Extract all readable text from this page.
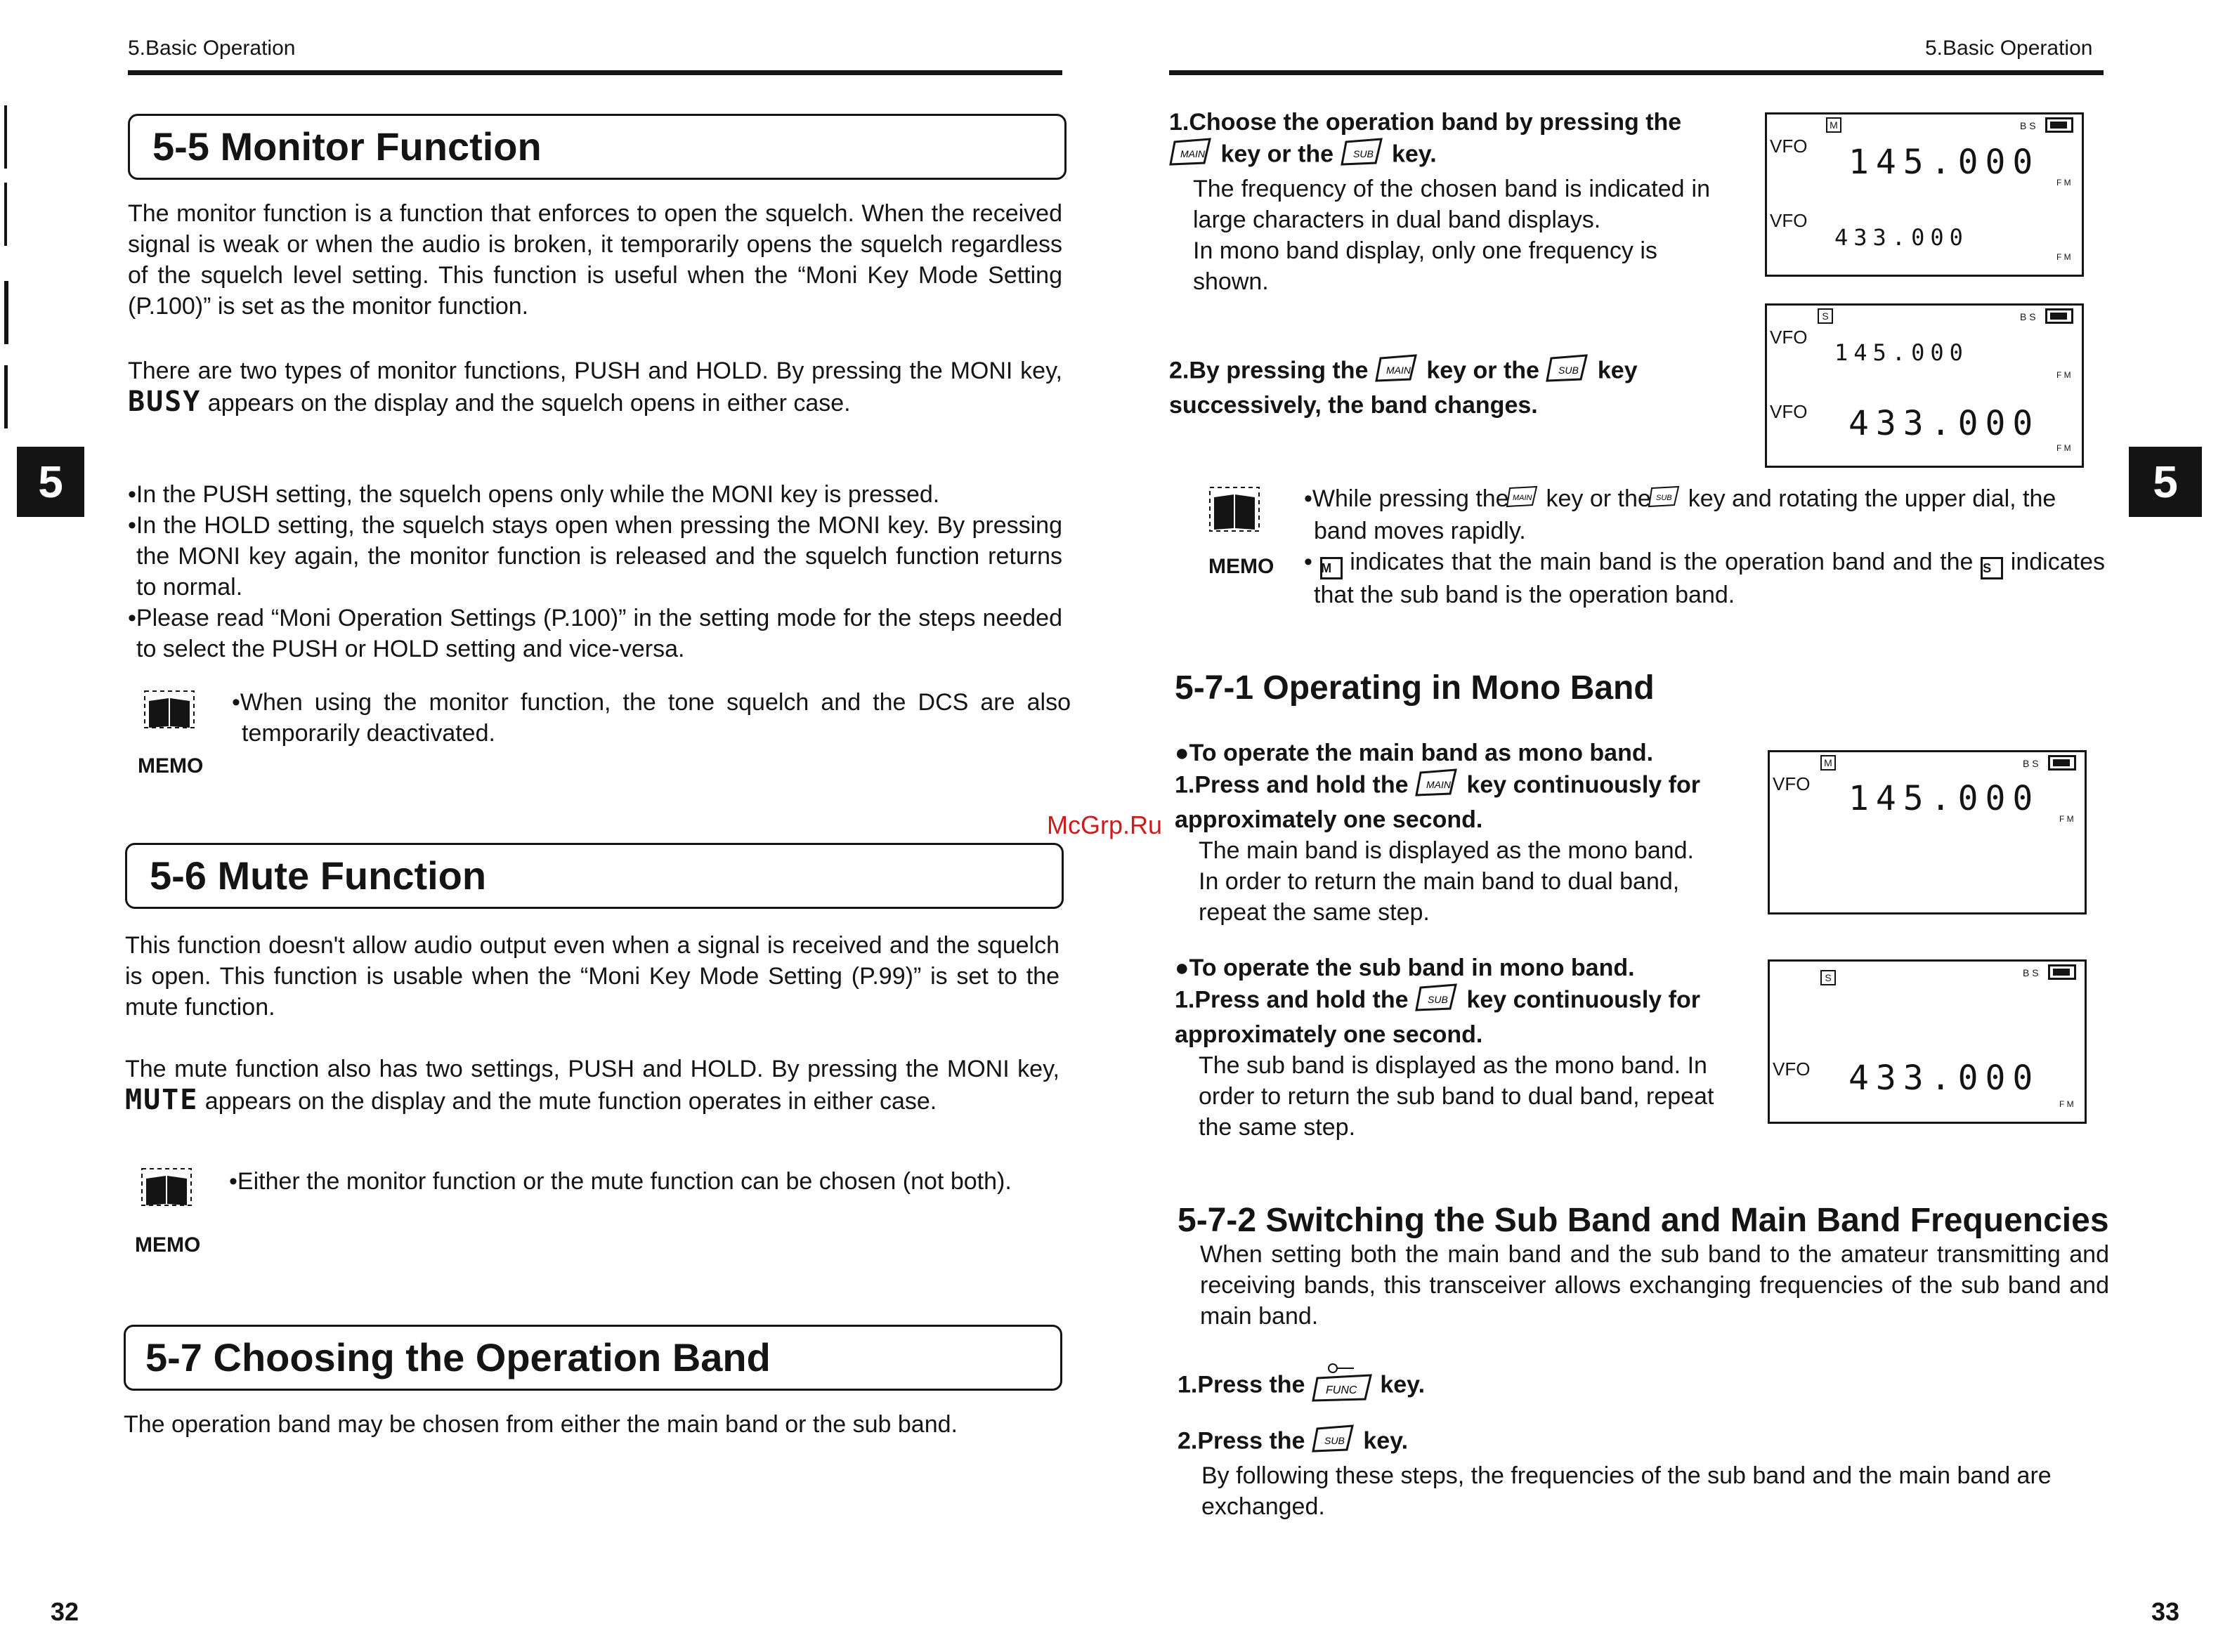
5.Basic Operation
5
5-5 Monitor Function
The monitor function is a function that enforces to open the squelch. When the received signal is weak or when the audio is broken, it temporarily opens the squelch regardless of the squelch level setting. This function is useful when the “Moni Key Mode Setting (P.100)” is set as the monitor function.
There are two types of monitor functions, PUSH and HOLD. By pressing the MONI key, BUSY appears on the display and the squelch opens in either case.

•In the PUSH setting, the squelch opens only while the MONI key is pressed.

•In the HOLD setting, the squelch stays open when pressing the MONI key. By pressing the MONI key again, the monitor function is released and the squelch function returns to normal.

•Please read “Moni Operation Settings (P.100)” in the setting mode for the steps needed to select the PUSH or HOLD setting and vice-versa.

MEMO
•When using the monitor function, the tone squelch and the DCS are also temporarily deactivated.
5-6 Mute Function
This function doesn't allow audio output even when a signal is received and the squelch is open. This function is usable when the “Moni Key Mode Setting (P.99)” is set to the mute function.
The mute function also has two settings, PUSH and HOLD. By pressing the MONI key, MUTE appears on the display and the mute function operates in either case.
MEMO
•Either the monitor function or the mute function can be chosen (not both).
5-7 Choosing the Operation Band
The operation band may be chosen from either the main band or the sub band.
32
5.Basic Operation
5
McGrp.Ru
1.Choose the operation band by pressing the
MAIN key or the SUB key.
The frequency of the chosen band is indicated in large characters in dual band displays.
In mono band display, only one frequency is shown.
2.By pressing the MAIN key or the SUB key successively, the band changes.
M	B S
VFO 145.000
F M
VFO
433.000
F M
S	B S
VFO
145.000
F M
VFO 433.000
F M
MEMO
•While pressing the MAIN key or the SUB key and rotating the upper dial, the band moves rapidly.
• M indicates that the main band is the operation band and the S indicates that the sub band is the operation band.
5-7-1 Operating in Mono Band
●To operate the main band as mono band.
1.Press and hold the MAIN key continuously for approximately one second.
The main band is displayed as the mono band. In order to return the main band to dual band, repeat the same step.
M	B S
VFO 145.000
F M
●To operate the sub band in mono band.
1.Press and hold the SUB key continuously for approximately one second.
The sub band is displayed as the mono band. In order to return the sub band to dual band, repeat the same step.
S	B S
VFO 433.000
F M
5-7-2 Switching the Sub Band and Main Band Frequencies
When setting both the main band and the sub band to the amateur transmitting and receiving bands, this transceiver allows exchanging frequencies of the sub band and main band.
1.Press the FUNC key.
2.Press the SUB key.
By following these steps, the frequencies of the sub band and the main band are exchanged.
33
